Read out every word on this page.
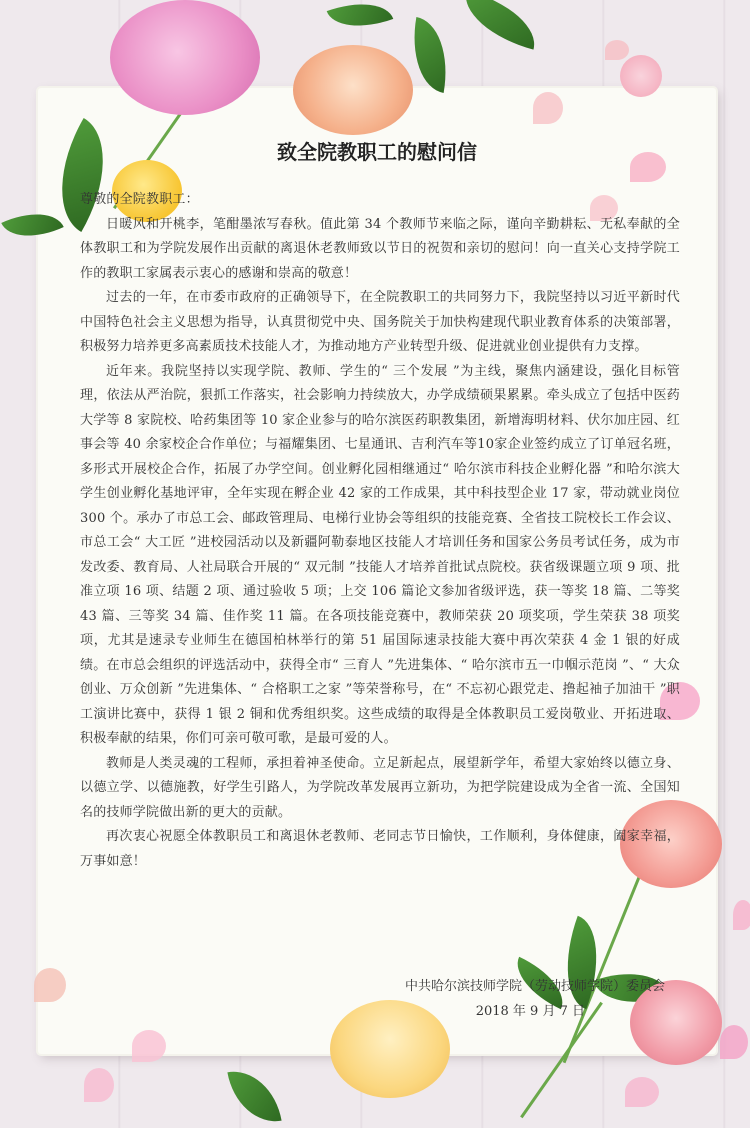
致全院教职工的慰问信

尊敬的全院教职工：

日暖风和开桃李，笔酣墨浓写春秋。值此第 34 个教师节来临之际，谨向辛勤耕耘、无私奉献的全体教职工和为学院发展作出贡献的离退休老教师致以节日的祝贺和亲切的慰问！向一直关心支持学院工作的教职工家属表示衷心的感谢和崇高的敬意！

过去的一年，在市委市政府的正确领导下，在全院教职工的共同努力下，我院坚持以习近平新时代中国特色社会主义思想为指导，认真贯彻党中央、国务院关于加快构建现代职业教育体系的决策部署，积极努力培养更多高素质技术技能人才，为推动地方产业转型升级、促进就业创业提供有力支撑。

近年来。我院坚持以实现学院、教师、学生的“ 三个发展 ”为主线，聚焦内涵建设，强化目标管理，依法从严治院，狠抓工作落实，社会影响力持续放大，办学成绩硕果累累。牵头成立了包括中医药大学等 8 家院校、哈药集团等 10 家企业参与的哈尔滨医药职教集团，新增海明材料、伏尔加庄园、红事会等 40 余家校企合作单位；与福耀集团、七星通讯、吉利汽车等10家企业签约成立了订单冠名班，多形式开展校企合作，拓展了办学空间。创业孵化园相继通过“ 哈尔滨市科技企业孵化器 ”和哈尔滨大学生创业孵化基地评审，全年实现在孵企业 42 家的工作成果，其中科技型企业 17 家，带动就业岗位 300 个。承办了市总工会、邮政管理局、电梯行业协会等组织的技能竞赛、全省技工院校长工作会议、市总工会“ 大工匠 ”进校园活动以及新疆阿勒泰地区技能人才培训任务和国家公务员考试任务，成为市发改委、教育局、人社局联合开展的“ 双元制 ”技能人才培养首批试点院校。获省级课题立项 9 项、批准立项 16 项、结题 2 项、通过验收 5 项；上交 106 篇论文参加省级评选，获一等奖 18 篇、二等奖 43 篇、三等奖 34 篇、佳作奖 11 篇。在各项技能竞赛中，教师荣获 20 项奖项，学生荣获 38 项奖项，尤其是速录专业师生在德国柏林举行的第 51 届国际速录技能大赛中再次荣获 4 金 1 银的好成绩。在市总会组织的评选活动中，获得全市“ 三育人 ”先进集体、“ 哈尔滨市五一巾帼示范岗 ”、“ 大众创业、万众创新 ”先进集体、“ 合格职工之家 ”等荣誉称号，在“ 不忘初心跟党走、撸起袖子加油干 ”职工演讲比赛中，获得 1 银 2 铜和优秀组织奖。这些成绩的取得是全体教职员工爱岗敬业、开拓进取、积极奉献的结果，你们可亲可敬可歌，是最可爱的人。

教师是人类灵魂的工程师，承担着神圣使命。立足新起点，展望新学年，希望大家始终以德立身、以德立学、以德施教，好学生引路人，为学院改革发展再立新功，为把学院建设成为全省一流、全国知名的技师学院做出新的更大的贡献。

再次衷心祝愿全体教职员工和离退休老教师、老同志节日愉快，工作顺利，身体健康，阖家幸福，万事如意！

中共哈尔滨技师学院（劳动技师学院）委员会
2018 年 9 月 7 日
